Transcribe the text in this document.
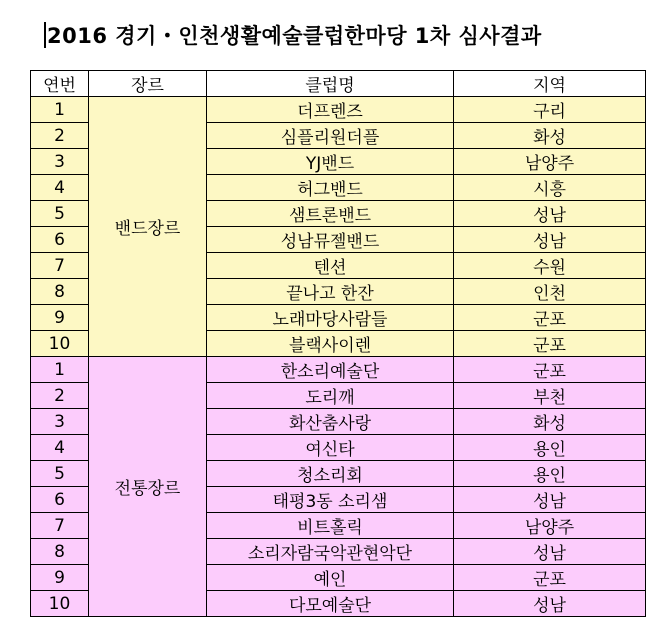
2016 경기・인천생활예술클럽한마당 1차 심사결과
연번	장르	클럽명	지역
1	밴드장르	더프렌즈	구리
2		심플리원더플	화성
3		YJ밴드	남양주
4		허그밴드	시흥
5		샘트론밴드	성남
6		성남뮤젤밴드	성남
7		텐션	수원
8		끝나고 한잔	인천
9		노래마당사람들	군포
10		블랙사이렌	군포
1	전통장르	한소리예술단	군포
2		도리깨	부천
3		화산춤사랑	화성
4		여신타	용인
5		청소리회	용인
6		태평3동 소리샘	성남
7		비트홀릭	남양주
8		소리자람국악관현악단	성남
9		예인	군포
10		다모예술단	성남
